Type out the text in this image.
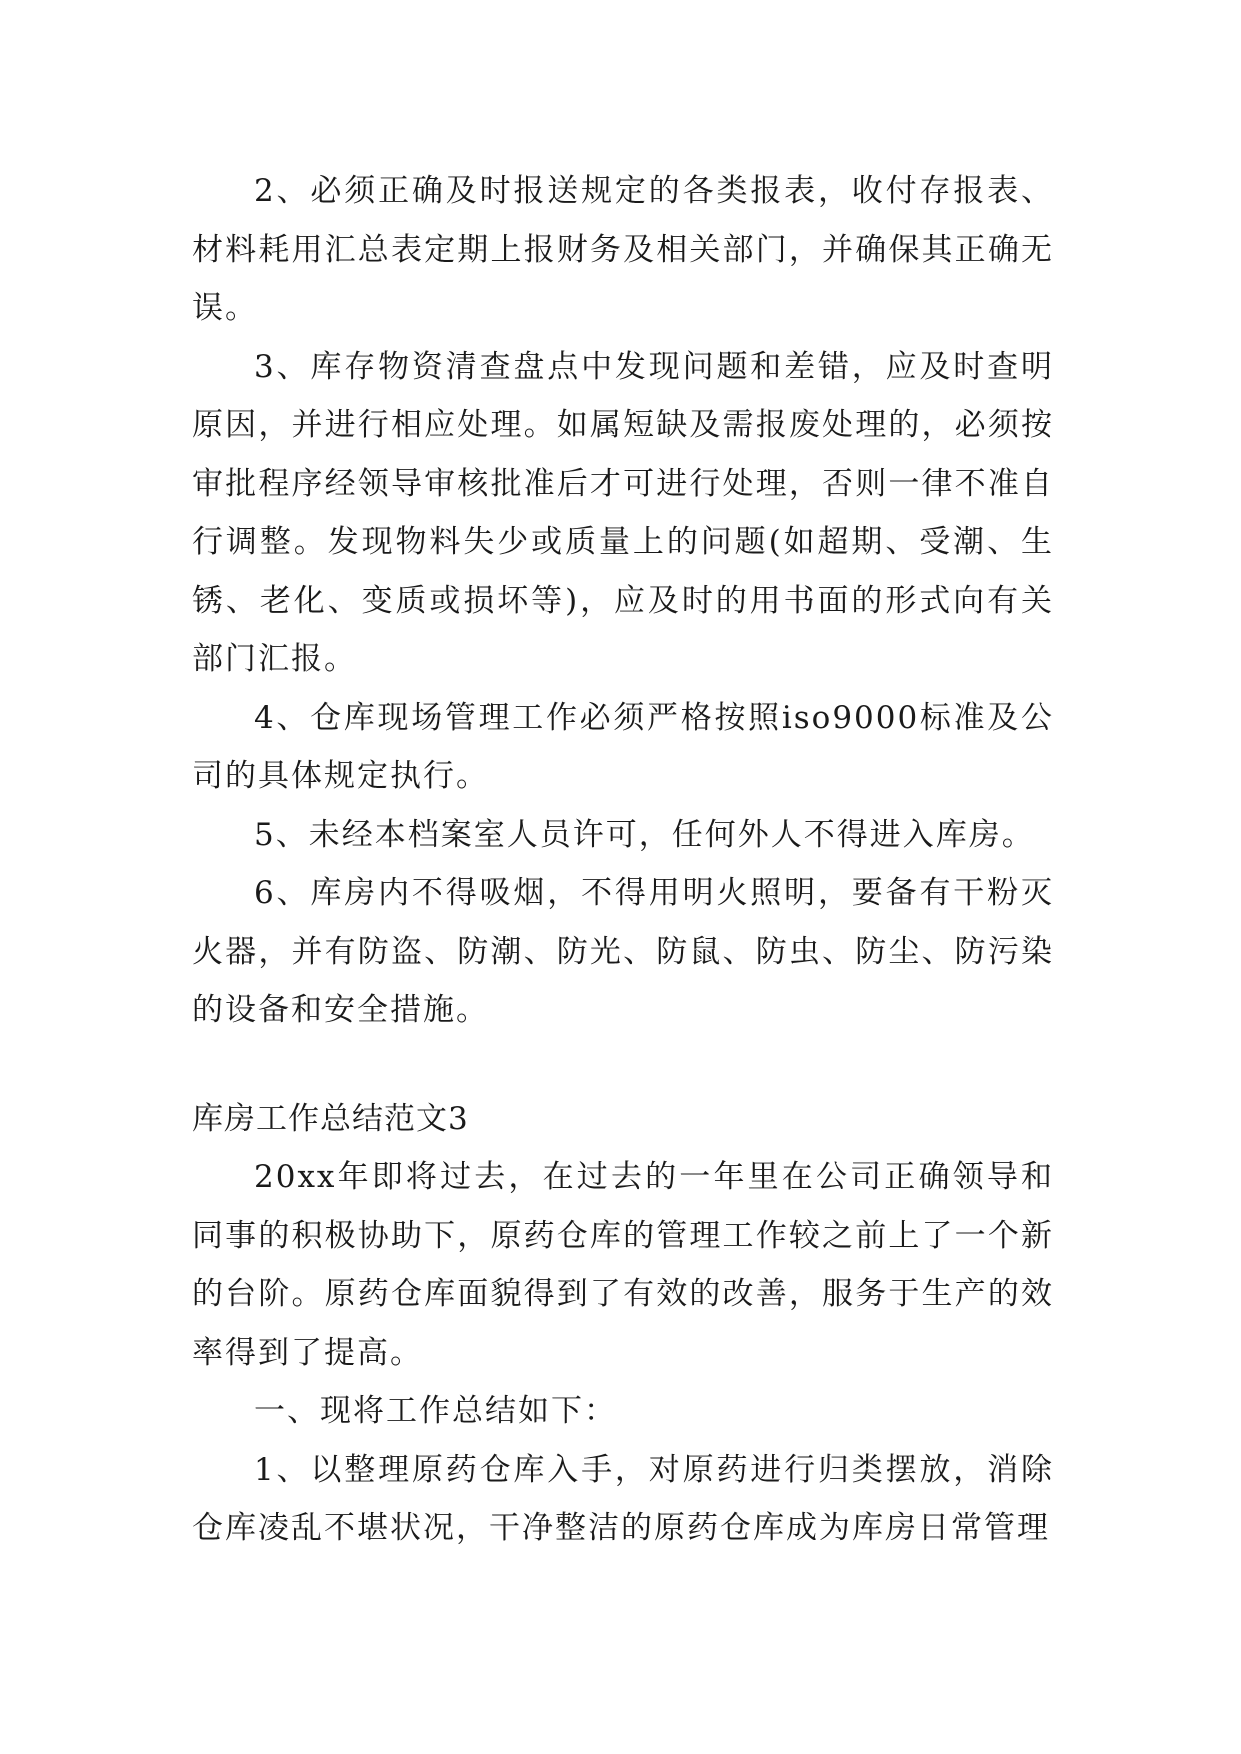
2、必须正确及时报送规定的各类报表，收付存报表、材料耗用汇总表定期上报财务及相关部门，并确保其正确无误。

3、库存物资清查盘点中发现问题和差错，应及时查明原因，并进行相应处理。如属短缺及需报废处理的，必须按审批程序经领导审核批准后才可进行处理，否则一律不准自行调整。发现物料失少或质量上的问题(如超期、受潮、生锈、老化、变质或损坏等)，应及时的用书面的形式向有关部门汇报。

4、仓库现场管理工作必须严格按照iso9000标准及公司的具体规定执行。

5、未经本档案室人员许可，任何外人不得进入库房。

6、库房内不得吸烟，不得用明火照明，要备有干粉灭火器，并有防盗、防潮、防光、防鼠、防虫、防尘、防污染的设备和安全措施。

库房工作总结范文3

20xx年即将过去，在过去的一年里在公司正确领导和同事的积极协助下，原药仓库的管理工作较之前上了一个新的台阶。原药仓库面貌得到了有效的改善，服务于生产的效率得到了提高。

一、现将工作总结如下：

1、以整理原药仓库入手，对原药进行归类摆放，消除仓库凌乱不堪状况，干净整洁的原药仓库成为库房日常管理
